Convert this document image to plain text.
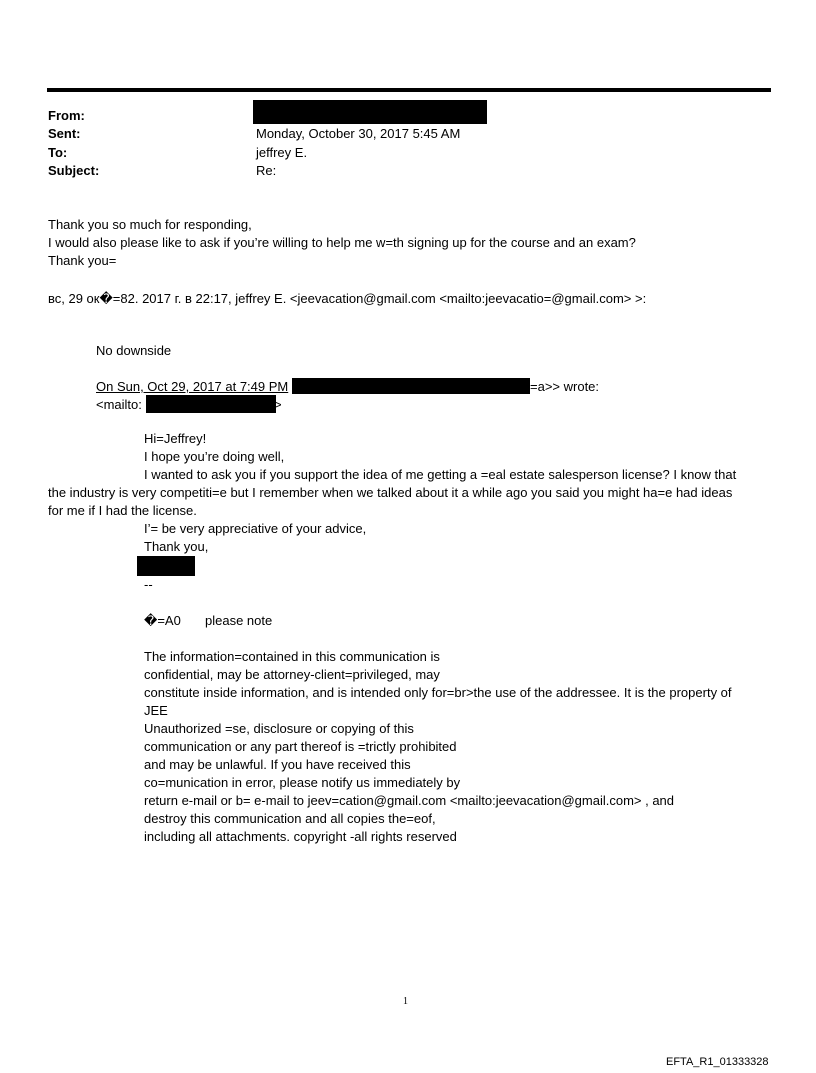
From:
Sent:	Monday, October 30, 2017 5:45 AM
To:	jeffrey E.
Subject:	Re:
Thank you so much for responding,
I would also please like to ask if you’re willing to help me w=th signing up for the course and an exam?
Thank you=
вс, 29 ок�=82. 2017 г. в 22:17, jeffrey E. <jeevacation@gmail.com <mailto:jeevacatio=@gmail.com> >:
No downside
On Sun, Oct 29, 2017 at 7:49 PM	=a>> wrote:
<mailto:	>
Hi=Jeffrey!
I hope you’re doing well,
I wanted to ask you if you support the idea of me getting a =eal estate salesperson license? I know that
the industry is very competiti=e but I remember when we talked about it a while ago you said you might ha=e had ideas
for me if I had the license.
I’= be very appreciative of your advice,
Thank you,
--
�=A0 please note
The information=contained in this communication is
confidential, may be attorney-client=privileged, may
constitute inside information, and is intended only for=br>the use of the addressee. It is the property of
JEE
Unauthorized =se, disclosure or copying of this
communication or any part thereof is =trictly prohibited
and may be unlawful. If you have received this
co=munication in error, please notify us immediately by
return e-mail or b= e-mail to jeev=cation@gmail.com <mailto:jeevacation@gmail.com> , and
destroy this communication and all copies the=eof,
including all attachments. copyright -all rights reserved
1
EFTA_R1_01333328
